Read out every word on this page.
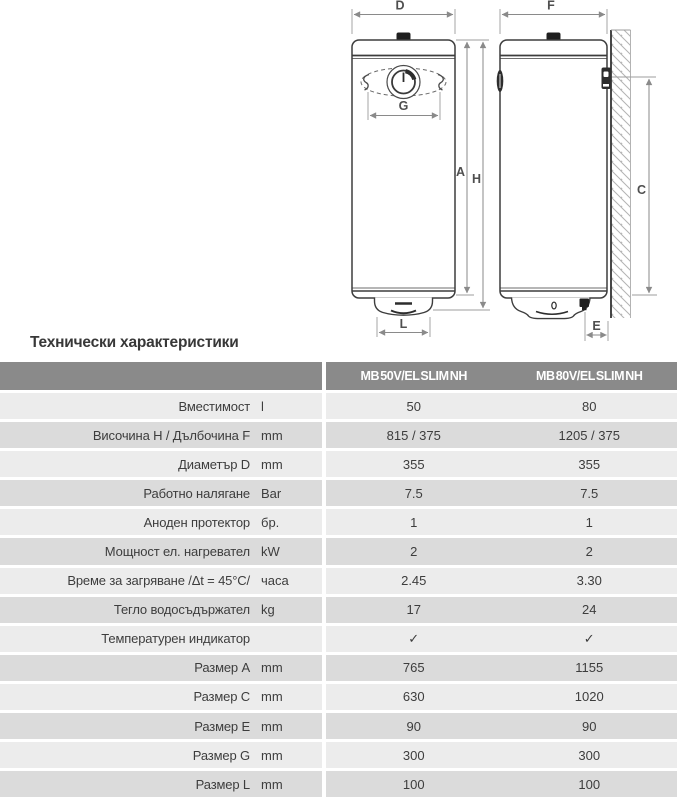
D
G
L
A H
F
C
E
Технически характеристики
MB 50V/EL SLIM NH	MB 80V/EL SLIM NH
Вместимост l	50	80
Височина H / Дълбочина F mm	815 / 375	1205 / 375
Диаметър D mm	355	355
Работно налягане Bar	7.5	7.5
Аноден протектор бр.	1	1
Мощност ел. нагревател kW	2	2
Време за загряване /Δt = 45°C/ часа	2.45	3.30
Тегло водосъдържател kg	17	24
Температурен индикатор	✓	✓
Размер A mm	765	1155
Размер C mm	630	1020
Размер E mm	90	90
Размер G mm	300	300
Размер L mm	100	100
